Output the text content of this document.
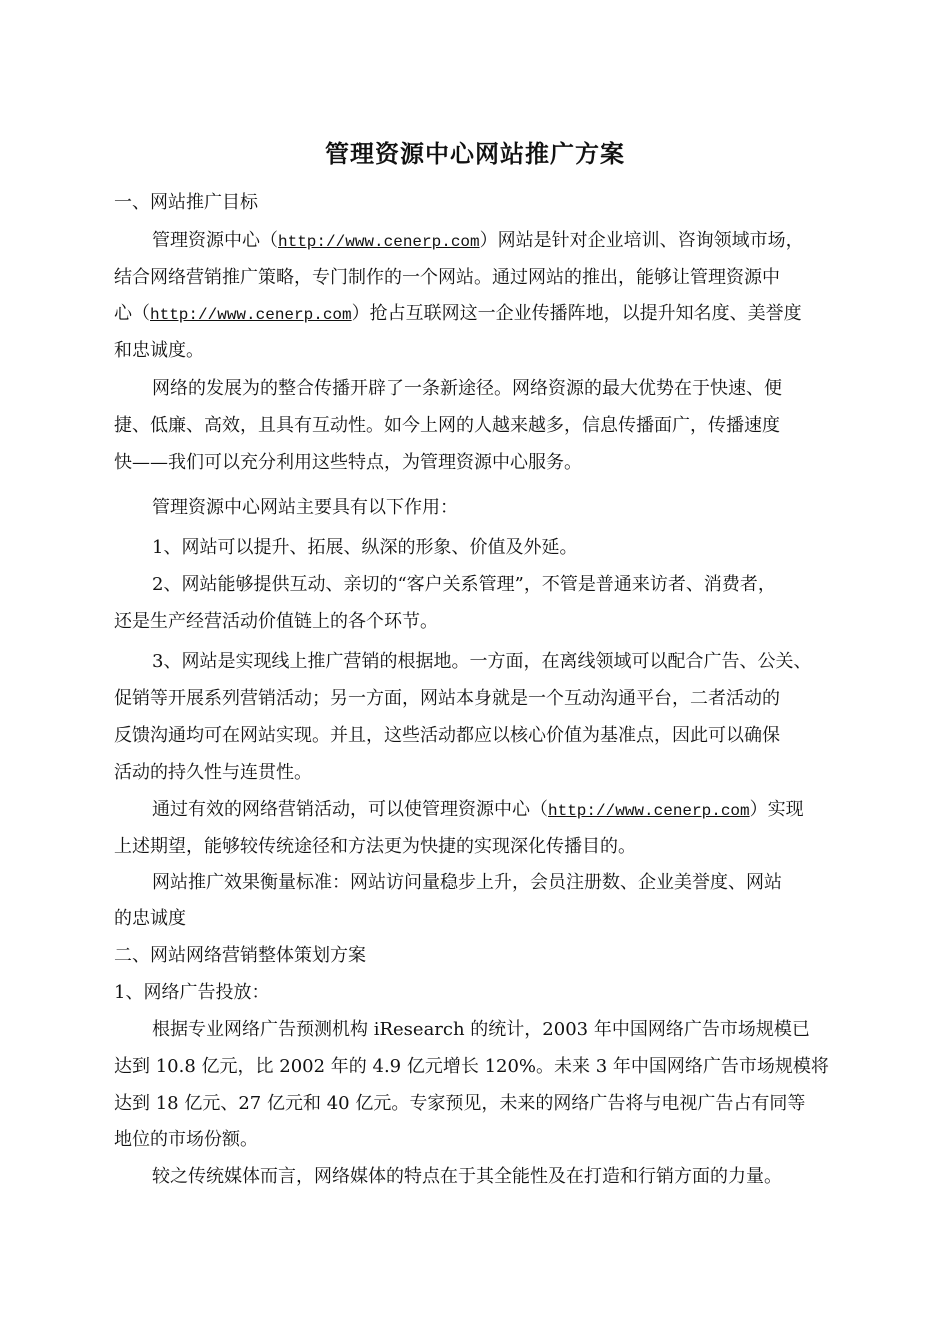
管理资源中心网站推广方案
一、网站推广目标
管理资源中心（http://www.cenerp.com）网站是针对企业培训、咨询领域市场，
结合网络营销推广策略，专门制作的一个网站。通过网站的推出，能够让管理资源中
心（http://www.cenerp.com）抢占互联网这一企业传播阵地，以提升知名度、美誉度
和忠诚度。
网络的发展为的整合传播开辟了一条新途径。网络资源的最大优势在于快速、便
捷、低廉、高效，且具有互动性。如今上网的人越来越多，信息传播面广，传播速度
快——我们可以充分利用这些特点，为管理资源中心服务。
管理资源中心网站主要具有以下作用：
1、网站可以提升、拓展、纵深的形象、价值及外延。
2、网站能够提供互动、亲切的“客户关系管理”，不管是普通来访者、消费者，
还是生产经营活动价值链上的各个环节。
3、网站是实现线上推广营销的根据地。一方面，在离线领域可以配合广告、公关、
促销等开展系列营销活动；另一方面，网站本身就是一个互动沟通平台，二者活动的
反馈沟通均可在网站实现。并且，这些活动都应以核心价值为基准点，因此可以确保
活动的持久性与连贯性。
通过有效的网络营销活动，可以使管理资源中心（http://www.cenerp.com）实现
上述期望，能够较传统途径和方法更为快捷的实现深化传播目的。
网站推广效果衡量标准：网站访问量稳步上升，会员注册数、企业美誉度、网站
的忠诚度
二、网站网络营销整体策划方案
1、网络广告投放：
根据专业网络广告预测机构 iResearch 的统计，2003 年中国网络广告市场规模已
达到 10.8 亿元，比 2002 年的 4.9 亿元增长 120%。未来 3 年中国网络广告市场规模将
达到 18 亿元、27 亿元和 40 亿元。专家预见，未来的网络广告将与电视广告占有同等
地位的市场份额。
较之传统媒体而言，网络媒体的特点在于其全能性及在打造和行销方面的力量。
